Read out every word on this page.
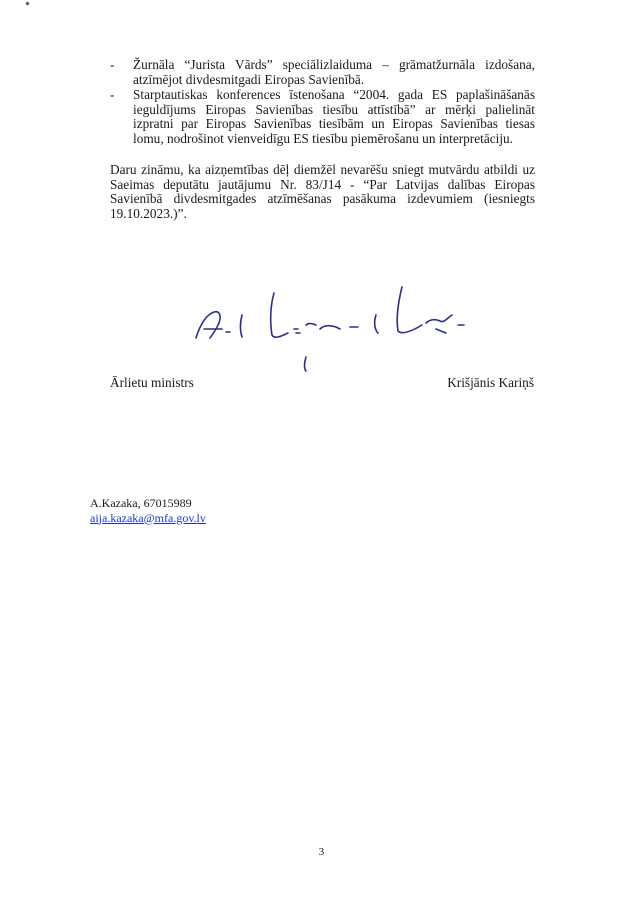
- Žurnāla “Jurista Vārds” speciālizlaiduma – grāmatžurnāla izdošana, atzīmējot divdesmitgadi Eiropas Savienībā.
- Starptautiskas konferences īstenošana “2004. gada ES paplašināšanās ieguldījums Eiropas Savienības tiesību attīstībā” ar mērķi palielināt izpratni par Eiropas Savienības tiesībām un Eiropas Savienības tiesas lomu, nodrošinot vienveidīgu ES tiesību piemērošanu un interpretāciju.

Daru zināmu, ka aizņemtības dēļ diemžēl nevarēšu sniegt mutvārdu atbildi uz Saeimas deputātu jautājumu Nr. 83/J14 - “Par Latvijas dalības Eiropas Savienībā divdesmitgades atzīmēšanas pasākuma izdevumiem (iesniegts 19.10.2023.)”.

Ārlietu ministrs	Krišjānis Kariņš
A.Kazaka, 67015989
aija.kazaka@mfa.gov.lv
3
